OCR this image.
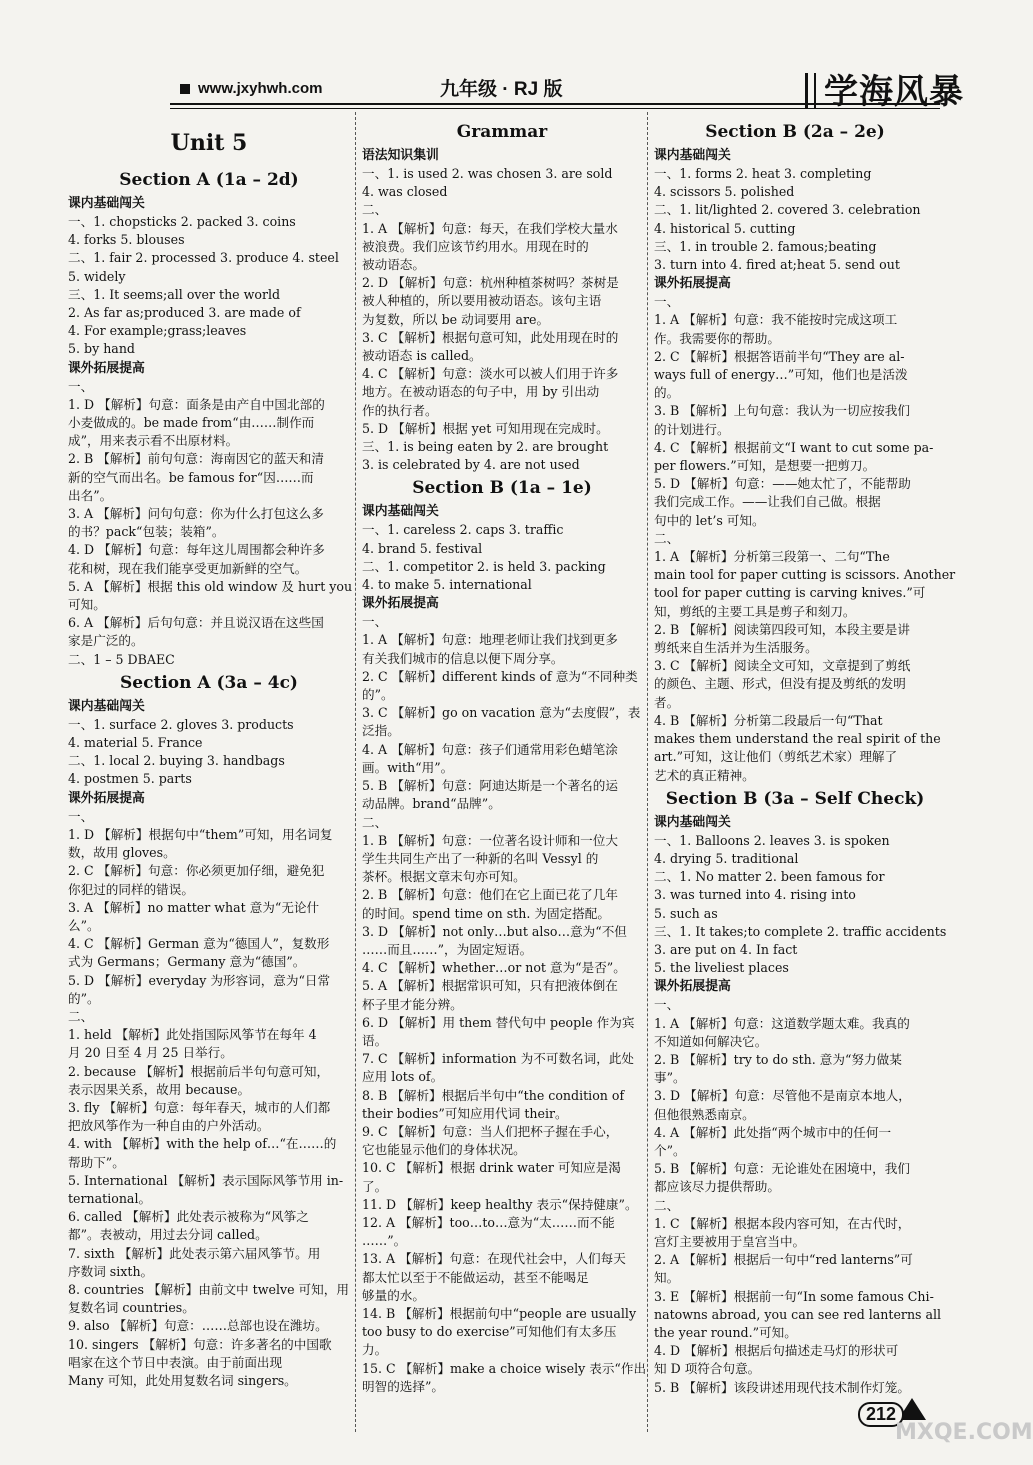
www.jxyhwh.com	九年级 · RJ 版	学海风暴
Unit 5
Section A (1a – 2d)
课内基础闯关
一、1. chopsticks 2. packed 3. coins
4. forks 5. blouses
二、1. fair 2. processed 3. produce 4. steel
5. widely
三、1. It seems;all over the world
2. As far as;produced 3. are made of
4. For example;grass;leaves
5. by hand
课外拓展提高
一、
1. D 【解析】句意：面条是由产自中国北部的
小麦做成的。be made from“由……制作而
成”，用来表示看不出原材料。
2. B 【解析】前句句意：海南因它的蓝天和清
新的空气而出名。be famous for“因……而
出名”。
3. A 【解析】问句句意：你为什么打包这么多
的书？pack“包装；装箱”。
4. D 【解析】句意：每年这儿周围都会种许多
花和树，现在我们能享受更加新鲜的空气。
5. A 【解析】根据 this old window 及 hurt you
可知。
6. A 【解析】后句句意：并且说汉语在这些国
家是广泛的。
二、1 – 5 DBAEC
Section A (3a – 4c)
课内基础闯关
一、1. surface 2. gloves 3. products
4. material 5. France
二、1. local 2. buying 3. handbags
4. postmen 5. parts
课外拓展提高
一、
1. D 【解析】根据句中“them”可知，用名词复
数，故用 gloves。
2. C 【解析】句意：你必须更加仔细，避免犯
你犯过的同样的错误。
3. A 【解析】no matter what 意为“无论什
么”。
4. C 【解析】German 意为“德国人”，复数形
式为 Germans；Germany 意为“德国”。
5. D 【解析】everyday 为形容词，意为“日常
的”。
二、
1. held 【解析】此处指国际风筝节在每年 4
月 20 日至 4 月 25 日举行。
2. because 【解析】根据前后半句句意可知，
表示因果关系，故用 because。
3. fly 【解析】句意：每年春天，城市的人们都
把放风筝作为一种自由的户外活动。
4. with 【解析】with the help of…“在……的
帮助下”。
5. International 【解析】表示国际风筝节用 in-
ternational。
6. called 【解析】此处表示被称为“风筝之
都”。表被动，用过去分词 called。
7. sixth 【解析】此处表示第六届风筝节。用
序数词 sixth。
8. countries 【解析】由前文中 twelve 可知，用
复数名词 countries。
9. also 【解析】句意：……总部也设在潍坊。
10. singers 【解析】句意：许多著名的中国歌
唱家在这个节日中表演。由于前面出现
Many 可知，此处用复数名词 singers。
Grammar
语法知识集训
一、1. is used 2. was chosen 3. are sold
4. was closed
二、
1. A 【解析】句意：每天，在我们学校大量水
被浪费。我们应该节约用水。用现在时的
被动语态。
2. D 【解析】句意：杭州种植茶树吗？茶树是
被人种植的，所以要用被动语态。该句主语
为复数，所以 be 动词要用 are。
3. C 【解析】根据句意可知，此处用现在时的
被动语态 is called。
4. C 【解析】句意：淡水可以被人们用于许多
地方。在被动语态的句子中，用 by 引出动
作的执行者。
5. D 【解析】根据 yet 可知用现在完成时。
三、1. is being eaten by 2. are brought
3. is celebrated by 4. are not used
Section B (1a – 1e)
课内基础闯关
一、1. careless 2. caps 3. traffic
4. brand 5. festival
二、1. competitor 2. is held 3. packing
4. to make 5. international
课外拓展提高
一、
1. A 【解析】句意：地理老师让我们找到更多
有关我们城市的信息以便下周分享。
2. C 【解析】different kinds of 意为“不同种类
的”。
3. C 【解析】go on vacation 意为“去度假”，表
泛指。
4. A 【解析】句意：孩子们通常用彩色蜡笔涂
画。with“用”。
5. B 【解析】句意：阿迪达斯是一个著名的运
动品牌。brand“品牌”。
二、
1. B 【解析】句意：一位著名设计师和一位大
学生共同生产出了一种新的名叫 Vessyl 的
茶杯。根据文章末句亦可知。
2. B 【解析】句意：他们在它上面已花了几年
的时间。spend time on sth. 为固定搭配。
3. D 【解析】not only…but also…意为“不但
……而且……”，为固定短语。
4. C 【解析】whether…or not 意为“是否”。
5. A 【解析】根据常识可知，只有把液体倒在
杯子里才能分辨。
6. D 【解析】用 them 替代句中 people 作为宾
语。
7. C 【解析】information 为不可数名词，此处
应用 lots of。
8. B 【解析】根据后半句中“the condition of
their bodies”可知应用代词 their。
9. C 【解析】句意：当人们把杯子握在手心，
它也能显示他们的身体状况。
10. C 【解析】根据 drink water 可知应是渴
了。
11. D 【解析】keep healthy 表示“保持健康”。
12. A 【解析】too…to…意为“太……而不能
……”。
13. A 【解析】句意：在现代社会中，人们每天
都太忙以至于不能做运动，甚至不能喝足
够量的水。
14. B 【解析】根据前句中“people are usually
too busy to do exercise”可知他们有太多压
力。
15. C 【解析】make a choice wisely 表示“作出
明智的选择”。
Section B (2a – 2e)
课内基础闯关
一、1. forms 2. heat 3. completing
4. scissors 5. polished
二、1. lit/lighted 2. covered 3. celebration
4. historical 5. cutting
三、1. in trouble 2. famous;beating
3. turn into 4. fired at;heat 5. send out
课外拓展提高
一、
1. A 【解析】句意：我不能按时完成这项工
作。我需要你的帮助。
2. C 【解析】根据答语前半句“They are al-
ways full of energy…”可知，他们也是活泼
的。
3. B 【解析】上句句意：我认为一切应按我们
的计划进行。
4. C 【解析】根据前文“I want to cut some pa-
per flowers.”可知，是想要一把剪刀。
5. D 【解析】句意：——她太忙了，不能帮助
我们完成工作。——让我们自己做。根据
句中的 let’s 可知。
二、
1. A 【解析】分析第三段第一、二句“The
main tool for paper cutting is scissors. Another
tool for paper cutting is carving knives.”可
知，剪纸的主要工具是剪子和刻刀。
2. B 【解析】阅读第四段可知，本段主要是讲
剪纸来自生活并为生活服务。
3. C 【解析】阅读全文可知，文章提到了剪纸
的颜色、主题、形式，但没有提及剪纸的发明
者。
4. B 【解析】分析第二段最后一句“That
makes them understand the real spirit of the
art.”可知，这让他们（剪纸艺术家）理解了
艺术的真正精神。
Section B (3a – Self Check)
课内基础闯关
一、1. Balloons 2. leaves 3. is spoken
4. drying 5. traditional
二、1. No matter 2. been famous for
3. was turned into 4. rising into
5. such as
三、1. It takes;to complete 2. traffic accidents
3. are put on 4. In fact
5. the liveliest places
课外拓展提高
一、
1. A 【解析】句意：这道数学题太难。我真的
不知道如何解决它。
2. B 【解析】try to do sth. 意为“努力做某
事”。
3. D 【解析】句意：尽管他不是南京本地人，
但他很熟悉南京。
4. A 【解析】此处指“两个城市中的任何一
个”。
5. B 【解析】句意：无论谁处在困境中，我们
都应该尽力提供帮助。
二、
1. C 【解析】根据本段内容可知，在古代时，
宫灯主要被用于皇宫当中。
2. A 【解析】根据后一句中“red lanterns”可
知。
3. E 【解析】根据前一句“In some famous Chi-
natowns abroad, you can see red lanterns all
the year round.”可知。
4. D 【解析】根据后句描述走马灯的形状可
知 D 项符合句意。
5. B 【解析】该段讲述用现代技术制作灯笼。
212
MXQE.COM
